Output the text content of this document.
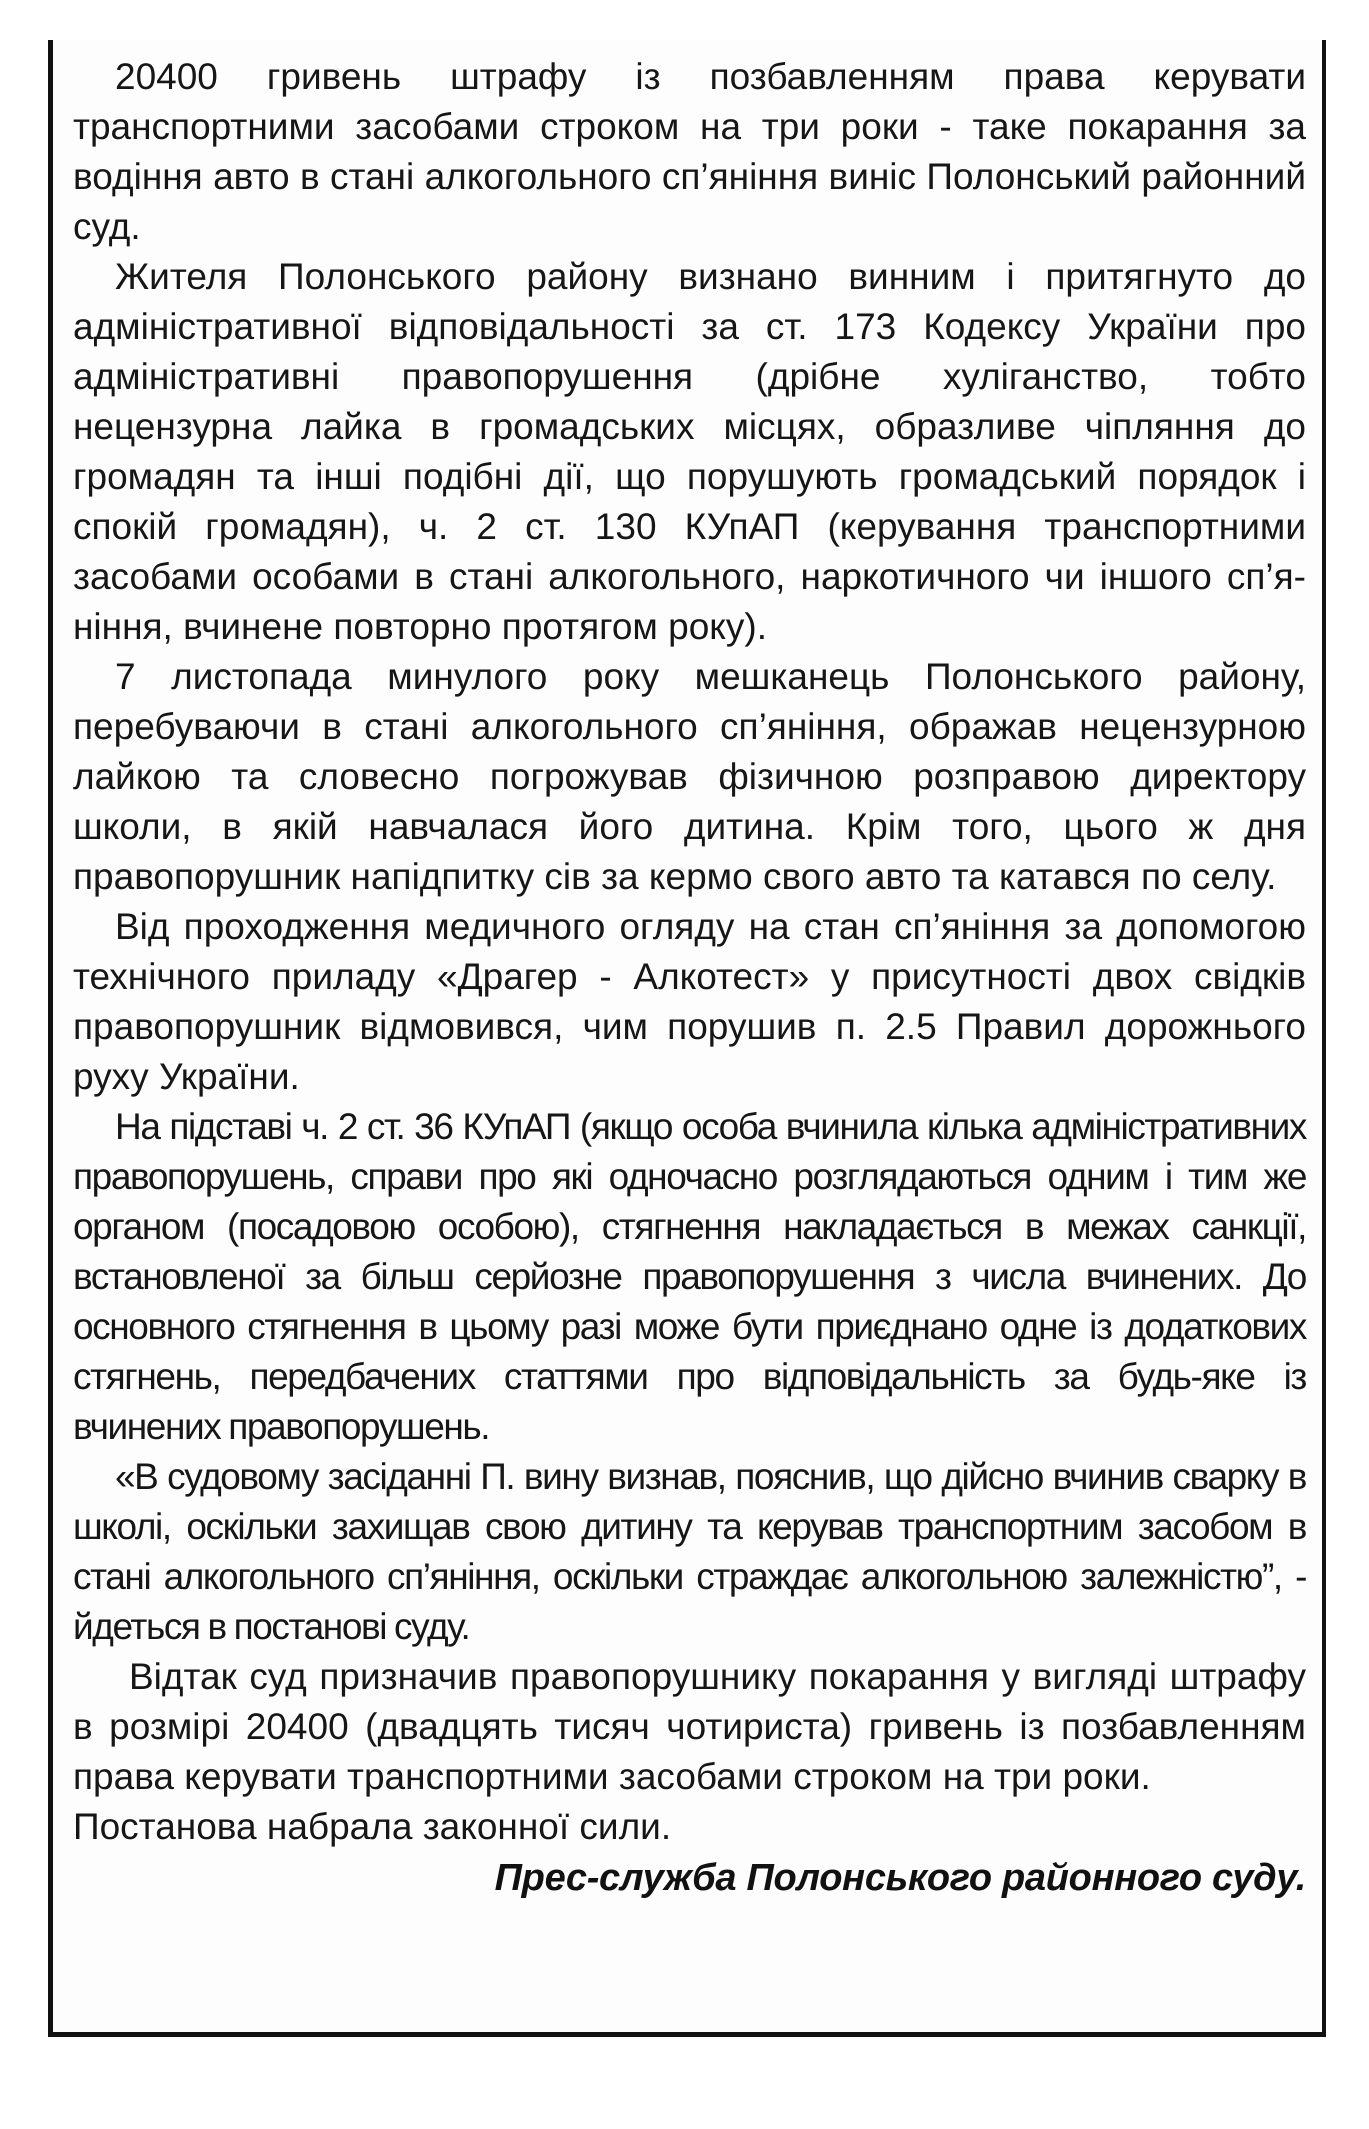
20400 гривень штрафу із позбавленням права керувати транспортними засобами строком на три роки - таке покарання за водіння авто в стані алкогольного сп’яніння виніс Полонський районний суд.

Жителя Полонського району визнано винним і притягнуто до адміністративної відповідальності за ст. 173 Кодексу України про адміністративні правопорушення (дрібне хуліганство, тобто нецензурна лайка в громадських місцях, образливе чіпляння до громадян та інші подібні дії, що порушують громадський порядок і спокій громадян), ч. 2 ст. 130 КУпАП (керування транспортними засобами особами в стані алкогольного, наркотичного чи іншого сп’яніння, вчинене повторно протягом року).

7 листопада минулого року мешканець Полонського району, перебуваючи в стані алкогольного сп’яніння, ображав нецензурною лайкою та словесно погрожував фізичною розправою директору школи, в якій навчалася його дитина. Крім того, цього ж дня правопорушник напідпитку сів за кермо свого авто та катався по селу.

Від проходження медичного огляду на стан сп’яніння за допомогою технічного приладу «Драгер - Алкотест» у присутності двох свідків правопорушник відмовився, чим порушив п. 2.5 Правил дорожнього руху України.

На підставі ч. 2 ст. 36 КУпАП (якщо особа вчинила кілька адміністративних правопорушень, справи про які одночасно розглядаються одним і тим же органом (посадовою особою), стягнення накладається в межах санкції, встановленої за більш серйозне правопорушення з числа вчинених. До основного стягнення в цьому разі може бути приєднано одне із додаткових стягнень, передбачених статтями про відповідальність за будь-яке із вчинених правопорушень.

«В судовому засіданні П. вину визнав, пояснив, що дійсно вчинив сварку в школі, оскільки захищав свою дитину та керував транспортним засобом в стані алкогольного сп’яніння, оскільки страждає алкогольною залежністю”, - йдеться в постанові суду.

Відтак суд призначив правопорушнику покарання у вигляді штрафу в розмірі 20400 (двадцять тисяч чотириста) гривень із позбавленням права керувати транспортними засобами строком на три роки.

Постанова набрала законної сили.

Прес-служба Полонського районного суду.
